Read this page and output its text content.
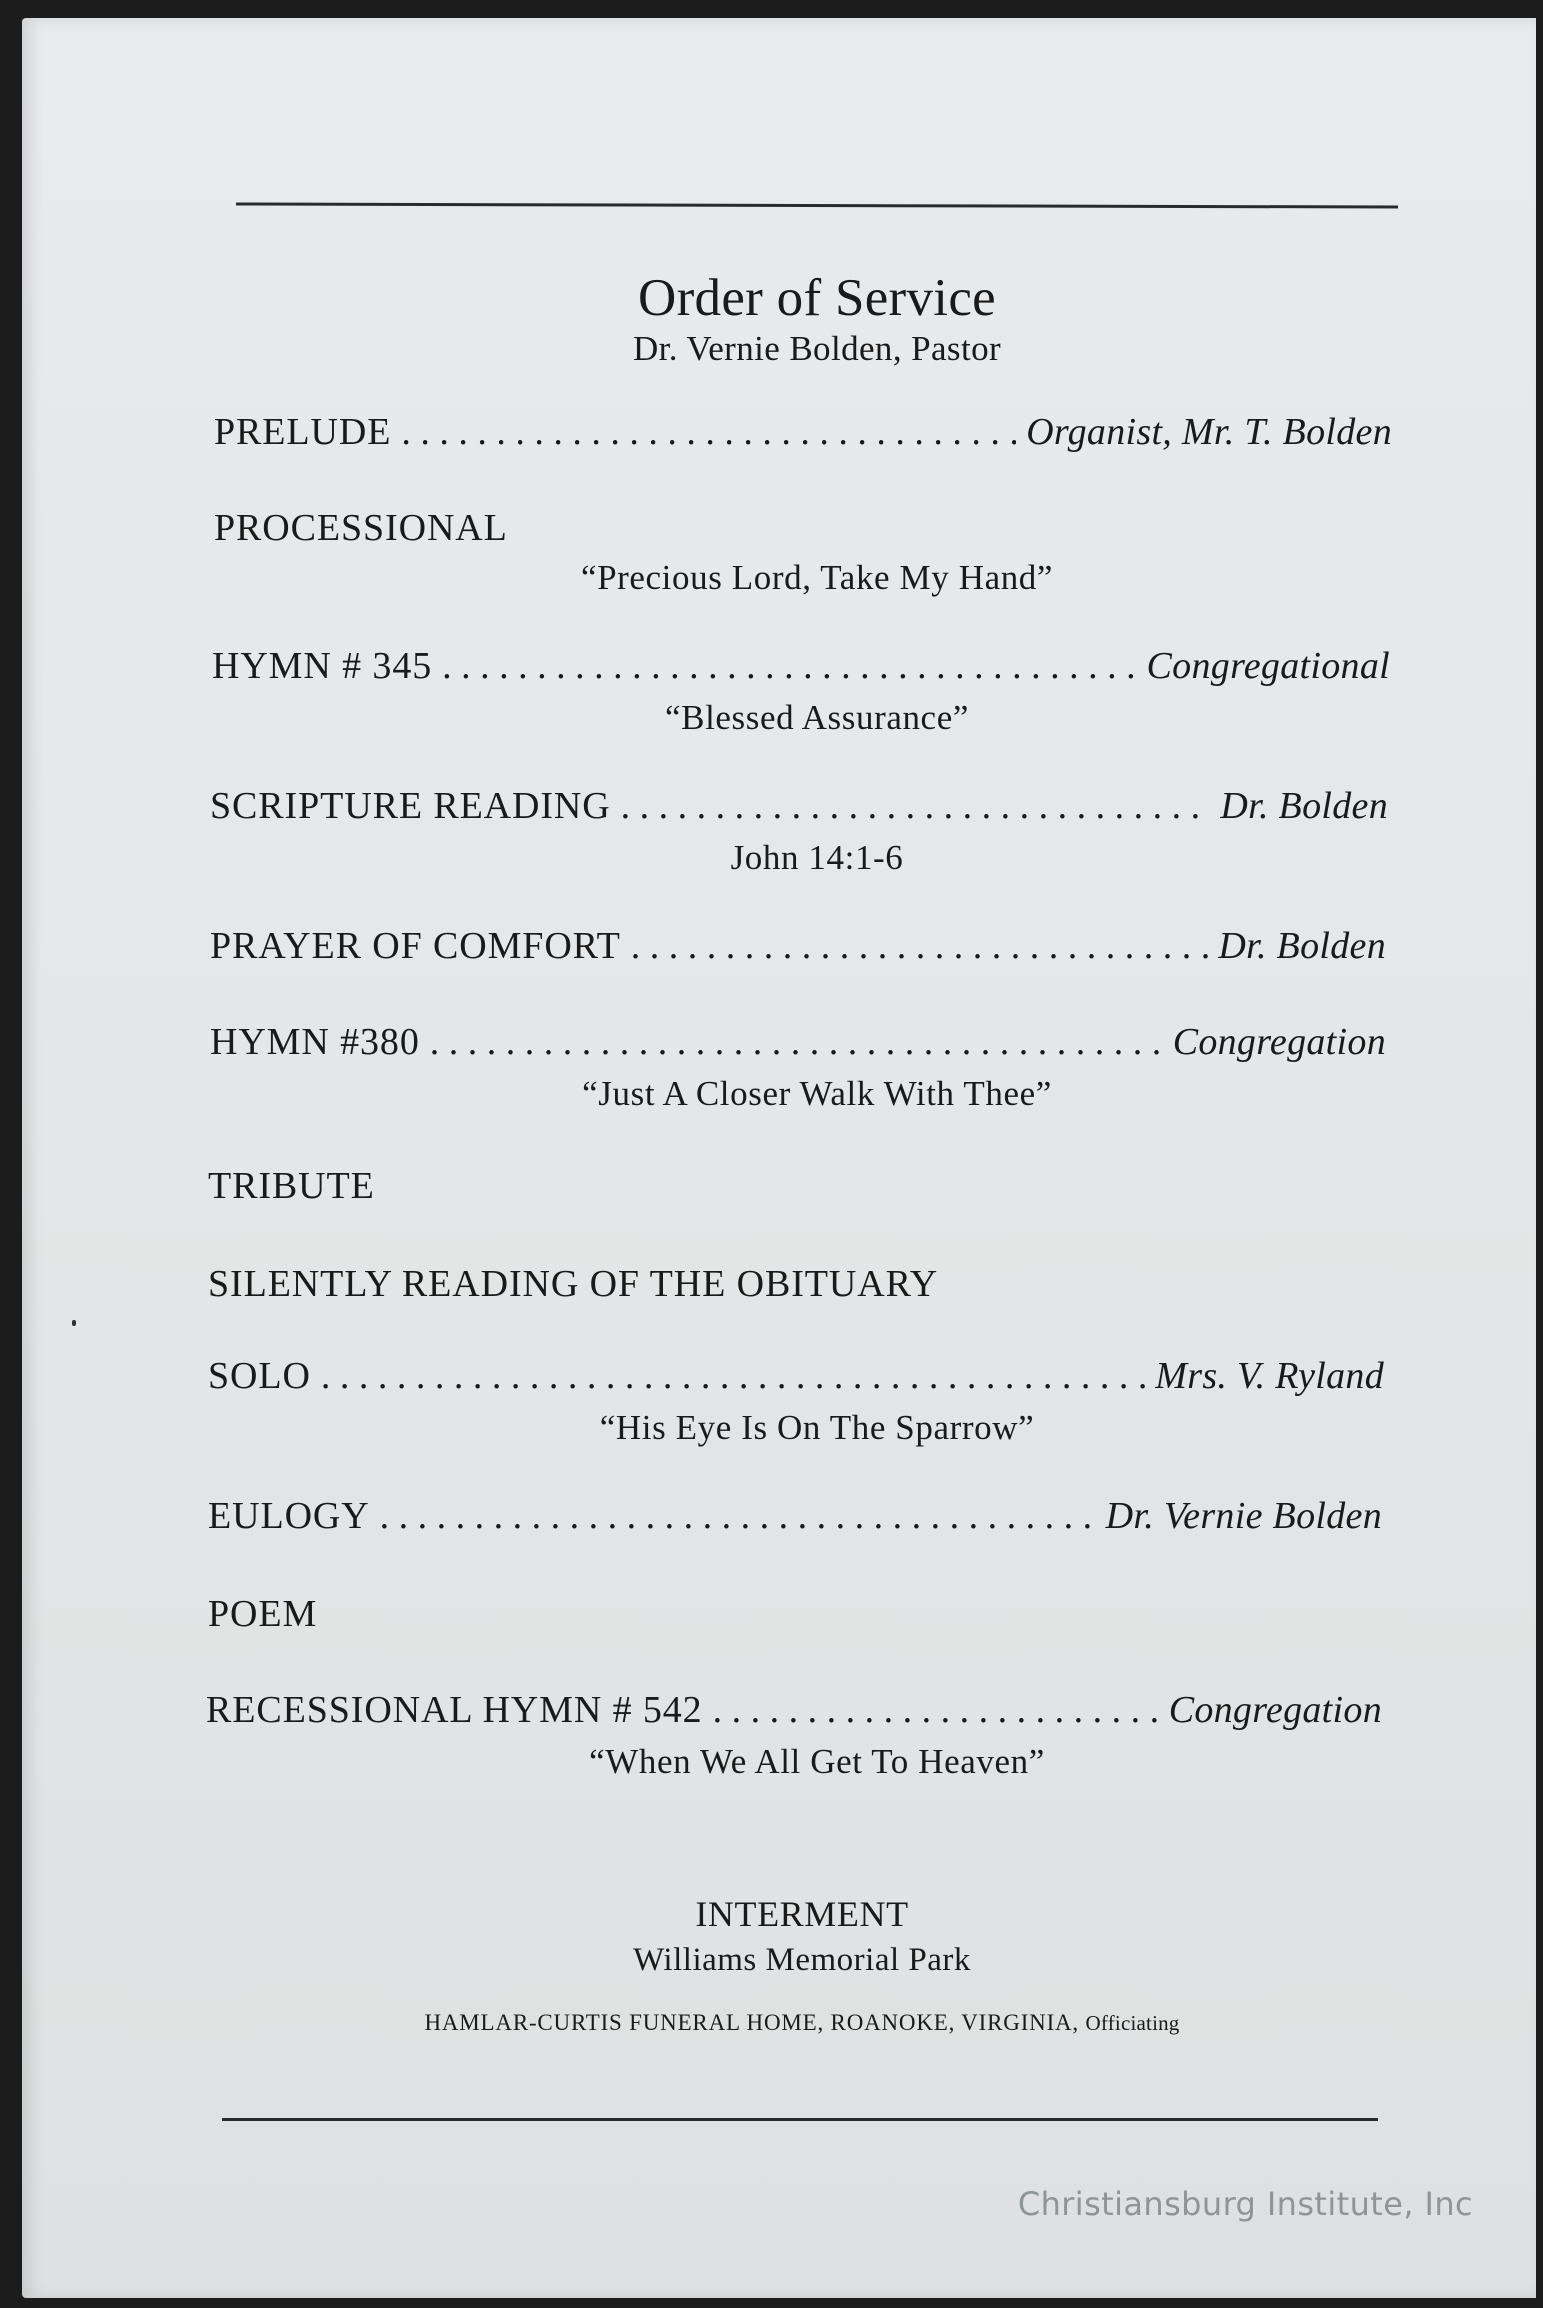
Order of Service
Dr. Vernie Bolden, Pastor
PRELUDE . . .	Organist, Mr. T. Bolden
PROCESSIONAL
“Precious Lord, Take My Hand”
HYMN # 345 . . .	Congregational
“Blessed Assurance”
SCRIPTURE READING . . .	Dr. Bolden
John 14:1-6
PRAYER OF COMFORT . . .	Dr. Bolden
HYMN #380 . . .	Congregation
“Just A Closer Walk With Thee”
TRIBUTE
SILENTLY READING OF THE OBITUARY
SOLO . . .	Mrs. V. Ryland
“His Eye Is On The Sparrow”
EULOGY . . .	Dr. Vernie Bolden
POEM
RECESSIONAL HYMN # 542 . . .	Congregation
“When We All Get To Heaven”
INTERMENT
Williams Memorial Park
HAMLAR-CURTIS FUNERAL HOME, ROANOKE, VIRGINIA, Officiating
Christiansburg Institute, Inc
